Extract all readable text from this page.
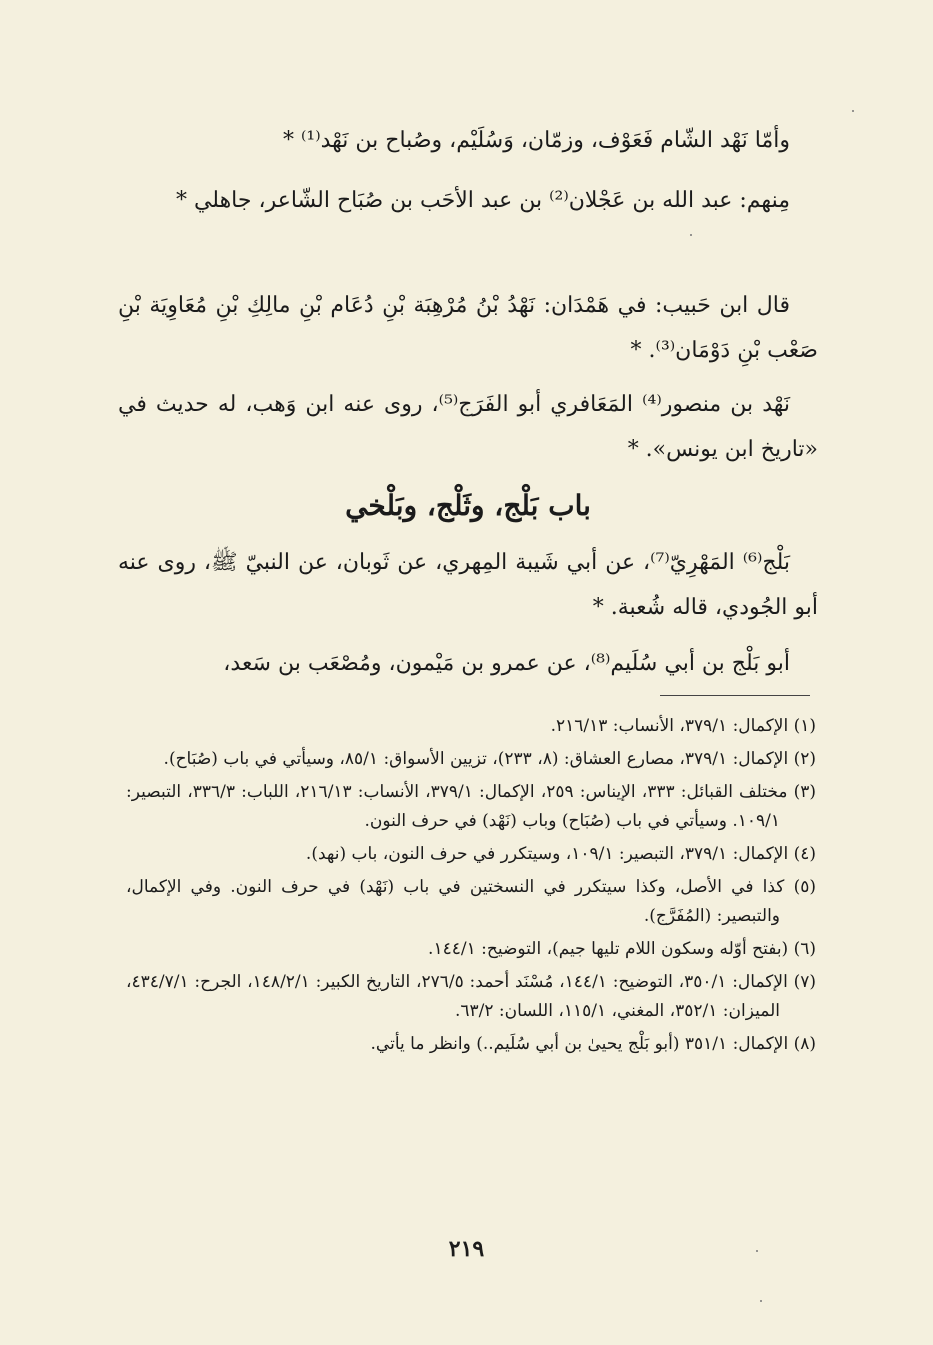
وأمّا نَهْد الشّام فَعَوْف، وزمّان، وَسُلَيْم، وصُباح بن نَهْد⁽¹⁾ *

مِنهم: عبد الله بن عَجْلان⁽²⁾ بن عبد الأحَب بن صُبَاح الشّاعر، جاهلي *

قال ابن حَبيب: في هَمْدَان: نَهْدُ بْنُ مُرْهِبَة بْنِ دُعَام بْنِ مالِكِ بْنِ مُعَاوِيَة بْنِ صَعْب بْنِ دَوْمَان⁽³⁾. *

نَهْد بن منصور⁽⁴⁾ المَعَافري أبو الفَرَج⁽⁵⁾، روى عنه ابن وَهب، له حديث في «تاريخ ابن يونس». *

باب بَلْج، وثَلْج، وبَلْخي

بَلْج⁽⁶⁾ المَهْرِيّ⁽⁷⁾، عن أبي شَيبة المِهري، عن ثَوبان، عن النبيّ ﷺ، روى عنه أبو الجُودي، قاله شُعبة. *

أبو بَلْج بن أبي سُلَيم⁽⁸⁾، عن عمرو بن مَيْمون، ومُصْعَب بن سَعد،

(١) الإكمال: ٣٧٩/١، الأنساب: ٢١٦/١٣.

(٢) الإكمال: ٣٧٩/١، مصارع العشاق: (٨، ٢٣٣)، تزيين الأسواق: ٨٥/١، وسيأتي في باب (صُبَاح).

(٣) مختلف القبائل: ٣٣٣، الإيناس: ٢٥٩، الإكمال: ٣٧٩/١، الأنساب: ٢١٦/١٣، اللباب: ٣٣٦/٣، التبصير: ١٠٩/١. وسيأتي في باب (صُبَاح) وباب (نَهْد) في حرف النون.

(٤) الإكمال: ٣٧٩/١، التبصير: ١٠٩/١، وسيتكرر في حرف النون، باب (نهد).

(٥) كذا في الأصل، وكذا سيتكرر في النسختين في باب (نَهْد) في حرف النون. وفي الإكمال، والتبصير: (المُفَرَّج).

(٦) (بفتح أوّله وسكون اللام تليها جيم)، التوضيح: ١٤٤/١.

(٧) الإكمال: ٣٥٠/١، التوضيح: ١٤٤/١، مُسْنَد أحمد: ٢٧٦/٥، التاريخ الكبير: ١٤٨/٢/١، الجرح: ٤٣٤/٧/١، الميزان: ٣٥٢/١، المغني، ١١٥/١، اللسان: ٦٣/٢.

(٨) الإكمال: ٣٥١/١ (أبو بَلْج يحيىٰ بن أبي سُلَيم..) وانظر ما يأتي.

٢١٩
